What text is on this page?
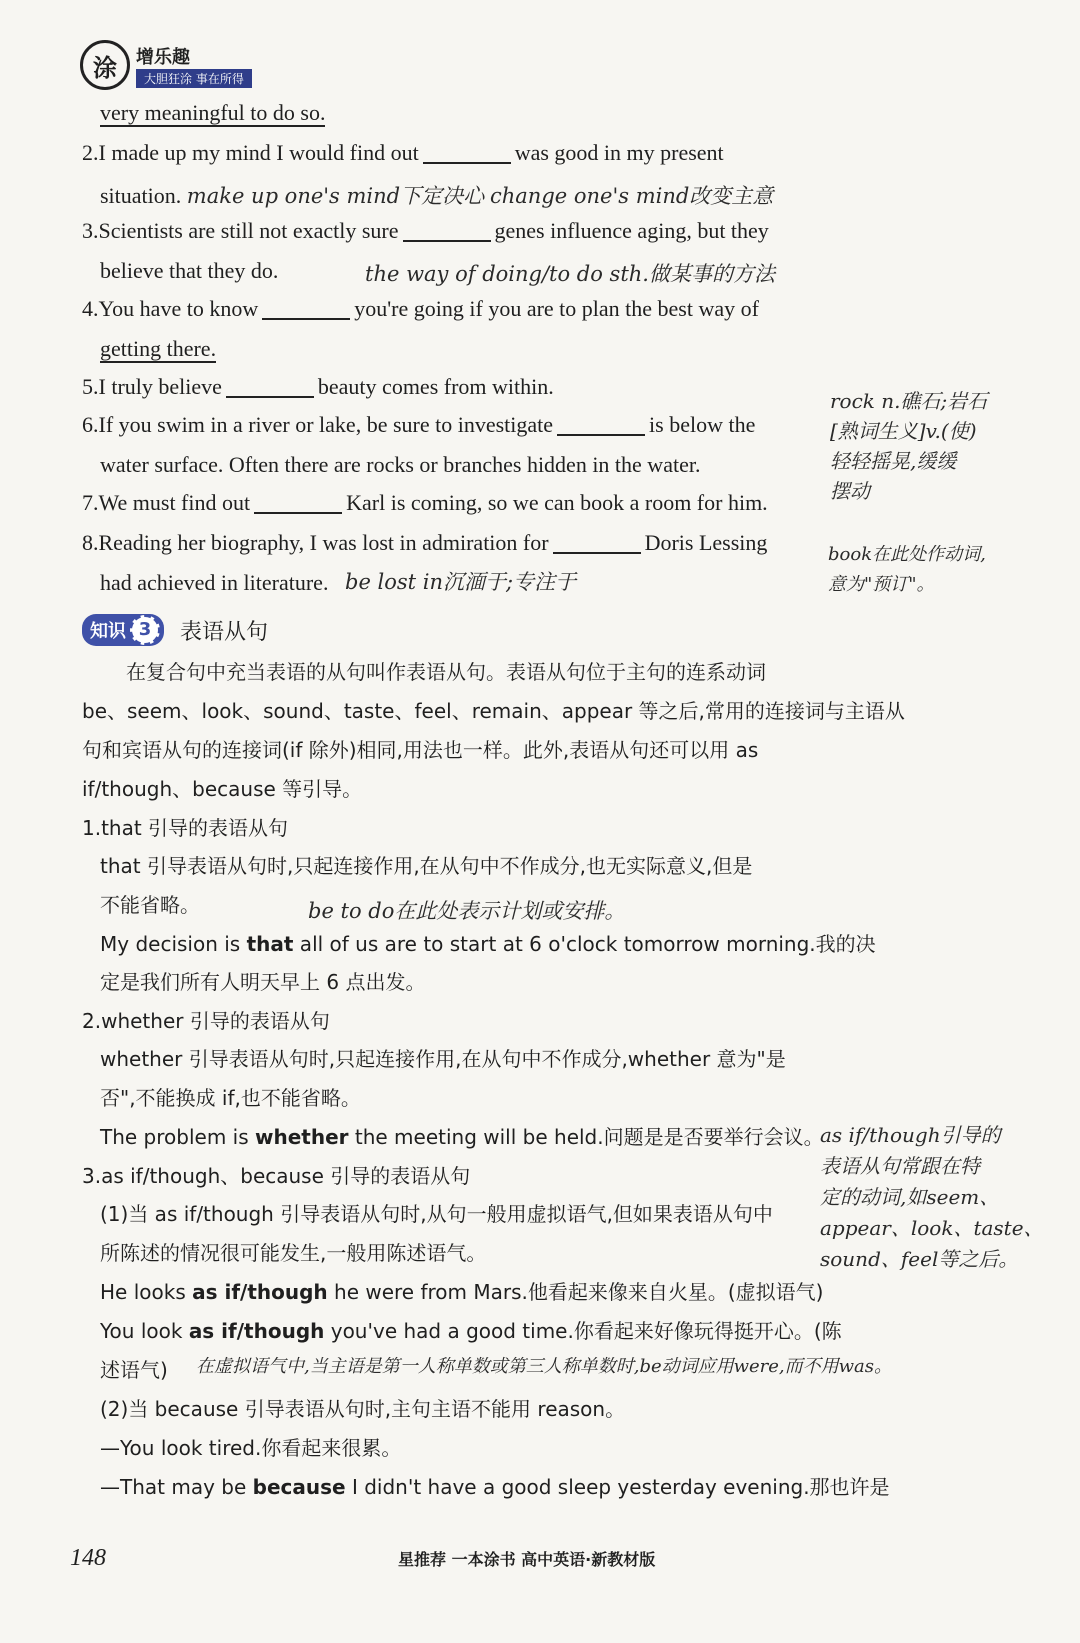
涂	增乐趣
大胆狂涂 事在所得
very meaningful to do so.
2.I made up my mind I would find out	was good in my present
situation. make up one's mind下定决心 change one's mind改变主意
3.Scientists are still not exactly sure	genes influence aging, but they
believe that they do.	the way of doing/to do sth.做某事的方法
4.You have to know	you're going if you are to plan the best way of
getting there.
5.I truly believe	beauty comes from within.
6.If you swim in a river or lake, be sure to investigate	is below the
water surface. Often there are rocks or branches hidden in the water.
7.We must find out	Karl is coming, so we can book a room for him.
8.Reading her biography, I was lost in admiration for	Doris Lessing
had achieved in literature. be lost in沉湎于;专注于
rock n.礁石;岩石
[熟词生义]v.(使)
轻轻摇晃,缓缓
摆动
book在此处作动词,
意为"预订"。
as if/though引导的
表语从句常跟在特
定的动词,如seem、
appear、look、taste、
sound、feel等之后。
知识 3	表语从句
在复合句中充当表语的从句叫作表语从句。表语从句位于主句的连系动词
be、seem、look、sound、taste、feel、remain、appear 等之后,常用的连接词与主语从
句和宾语从句的连接词(if 除外)相同,用法也一样。此外,表语从句还可以用 as
if/though、because 等引导。
1.that 引导的表语从句
that 引导表语从句时,只起连接作用,在从句中不作成分,也无实际意义,但是
不能省略。	be to do在此处表示计划或安排。
My decision is that all of us are to start at 6 o'clock tomorrow morning.我的决
定是我们所有人明天早上 6 点出发。
2.whether 引导的表语从句
whether 引导表语从句时,只起连接作用,在从句中不作成分,whether 意为"是
否",不能换成 if,也不能省略。
The problem is whether the meeting will be held.问题是是否要举行会议。
3.as if/though、because 引导的表语从句
(1)当 as if/though 引导表语从句时,从句一般用虚拟语气,但如果表语从句中
所陈述的情况很可能发生,一般用陈述语气。
He looks as if/though he were from Mars.他看起来像来自火星。(虚拟语气)
You look as if/though you've had a good time.你看起来好像玩得挺开心。(陈
述语气) 在虚拟语气中,当主语是第一人称单数或第三人称单数时,be动词应用were,而不用was。
(2)当 because 引导表语从句时,主句主语不能用 reason。
—You look tired.你看起来很累。
—That may be because I didn't have a good sleep yesterday evening.那也许是
148	星推荐 一本涂书 高中英语·新教材版
